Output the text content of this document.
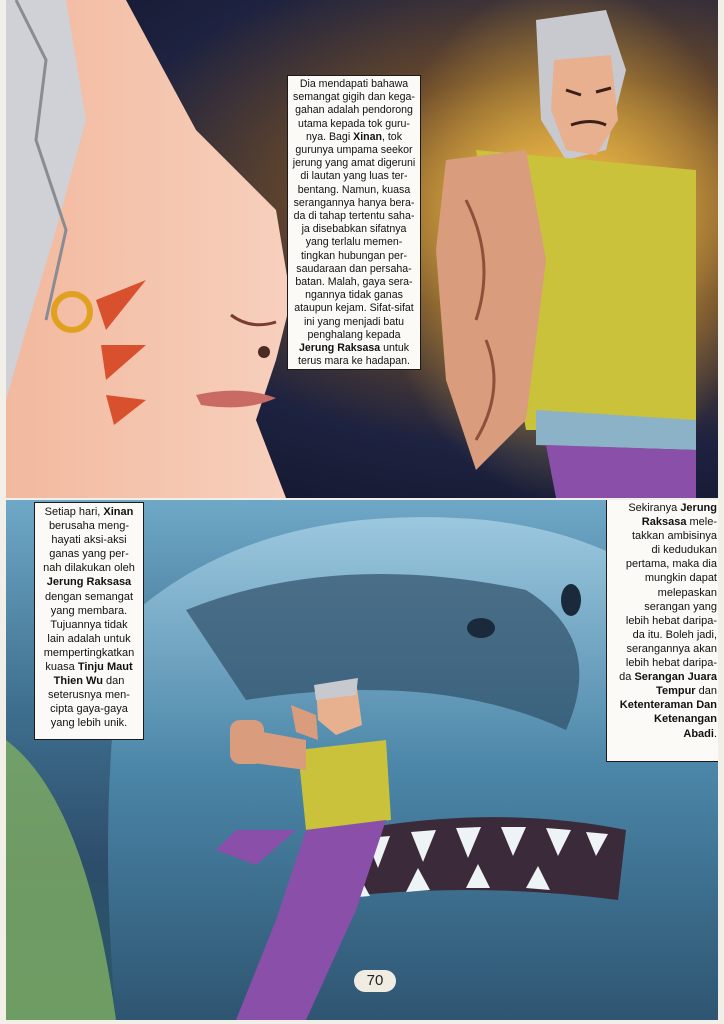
Dia mendapati bahawa
semangat gigih dan kega-
gahan adalah pendorong
utama kepada tok guru-
nya. Bagi Xinan, tok
gurunya umpama seekor
jerung yang amat digeruni
di lautan yang luas ter-
bentang. Namun, kuasa
serangannya hanya bera-
da di tahap tertentu saha-
ja disebabkan sifatnya
yang terlalu memen-
tingkan hubungan per-
saudaraan dan persaha-
batan. Malah, gaya sera-
ngannya tidak ganas
ataupun kejam. Sifat-sifat
ini yang menjadi batu
penghalang kepada
Jerung Raksasa untuk
terus mara ke hadapan.
Setiap hari, Xinan
berusaha meng-
hayati aksi-aksi
ganas yang per-
nah dilakukan oleh
Jerung Raksasa
dengan semangat
yang membara.
Tujuannya tidak
lain adalah untuk
mempertingkatkan
kuasa Tinju Maut
Thien Wu dan
seterusnya men-
cipta gaya-gaya
yang lebih unik.
Sekiranya Jerung
Raksasa mele-
takkan ambisinya
di kedudukan
pertama, maka dia
mungkin dapat
melepaskan
serangan yang
lebih hebat daripa-
da itu. Boleh jadi,
serangannya akan
lebih hebat daripa-
da Serangan Juara
Tempur dan
Ketenteraman Dan
Ketenangan
Abadi.
70
